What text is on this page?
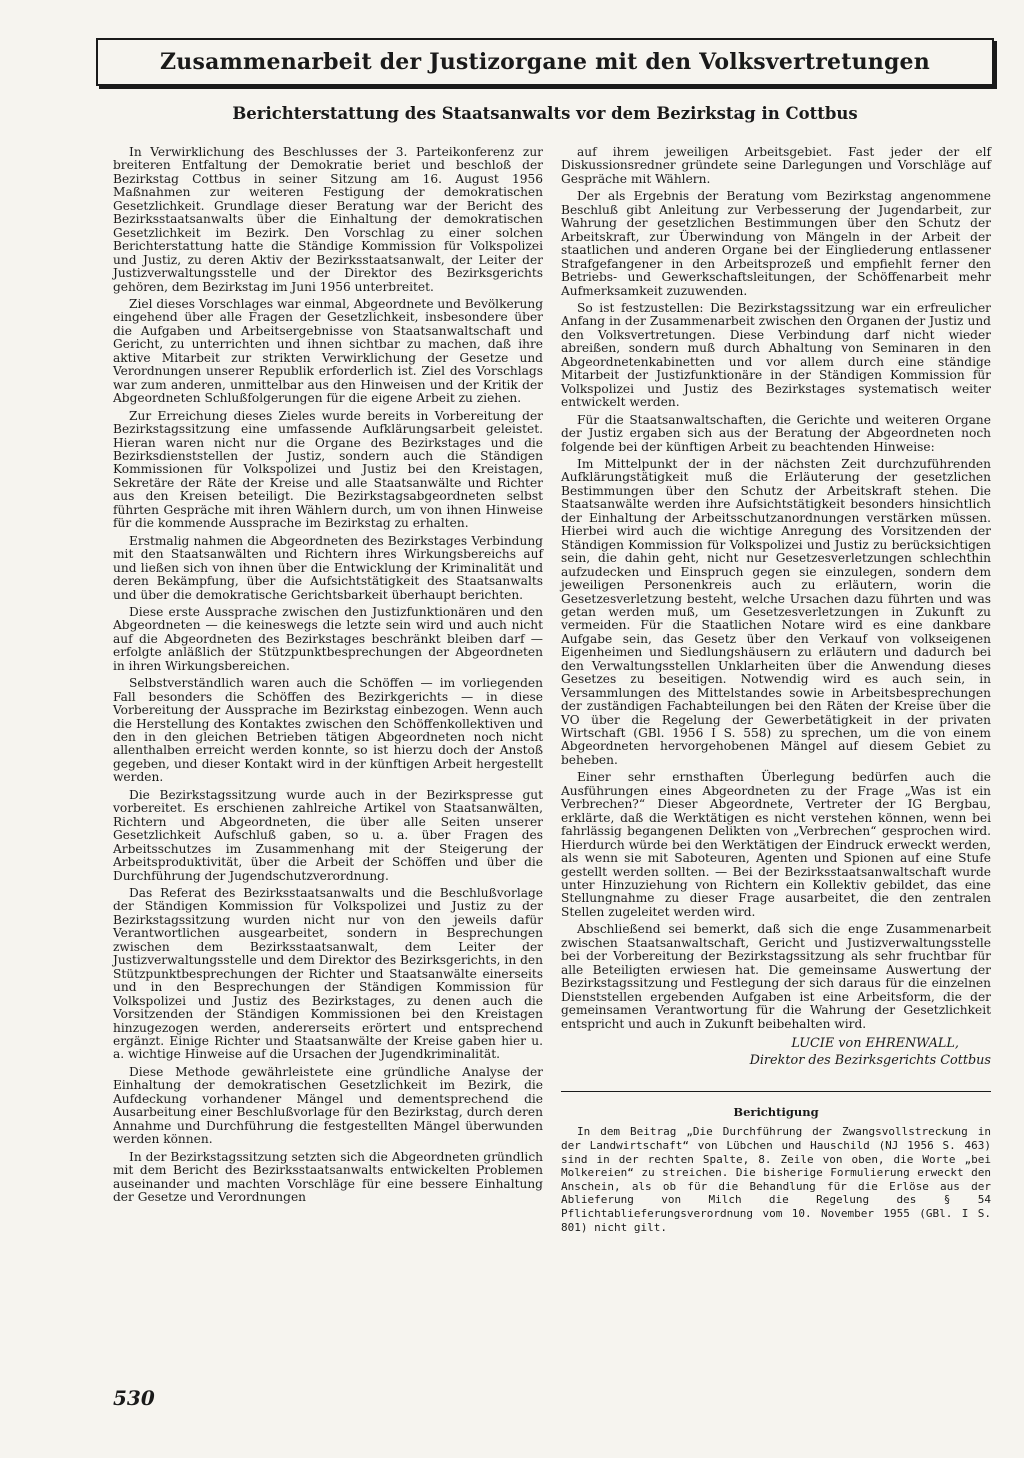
Zusammenarbeit der Justizorgane mit den Volksvertretungen
Berichterstattung des Staatsanwalts vor dem Bezirkstag in Cottbus

In Verwirklichung des Beschlusses der 3. Parteikonferenz zur breiteren Entfaltung der Demokratie beriet und beschloß der Bezirkstag Cottbus in seiner Sitzung am 16. August 1956 Maßnahmen zur weiteren Festigung der demokratischen Gesetzlichkeit. Grundlage dieser Beratung war der Bericht des Bezirksstaatsanwalts über die Einhaltung der demokratischen Gesetzlichkeit im Bezirk. Den Vorschlag zu einer solchen Berichterstattung hatte die Ständige Kommission für Volkspolizei und Justiz, zu deren Aktiv der Bezirksstaatsanwalt, der Leiter der Justizverwaltungsstelle und der Direktor des Bezirksgerichts gehören, dem Bezirkstag im Juni 1956 unterbreitet.

Ziel dieses Vorschlages war einmal, Abgeordnete und Bevölkerung eingehend über alle Fragen der Gesetzlichkeit, insbesondere über die Aufgaben und Arbeitsergebnisse von Staatsanwaltschaft und Gericht, zu unterrichten und ihnen sichtbar zu machen, daß ihre aktive Mitarbeit zur strikten Verwirklichung der Gesetze und Verordnungen unserer Republik erforderlich ist. Ziel des Vorschlags war zum anderen, unmittelbar aus den Hinweisen und der Kritik der Abgeordneten Schlußfolgerungen für die eigene Arbeit zu ziehen.

Zur Erreichung dieses Zieles wurde bereits in Vorbereitung der Bezirkstagssitzung eine umfassende Aufklärungsarbeit geleistet. Hieran waren nicht nur die Organe des Bezirkstages und die Bezirksdienststellen der Justiz, sondern auch die Ständigen Kommissionen für Volkspolizei und Justiz bei den Kreistagen, Sekretäre der Räte der Kreise und alle Staatsanwälte und Richter aus den Kreisen beteiligt. Die Bezirkstagsabgeordneten selbst führten Gespräche mit ihren Wählern durch, um von ihnen Hinweise für die kommende Aussprache im Bezirkstag zu erhalten.

Erstmalig nahmen die Abgeordneten des Bezirkstages Verbindung mit den Staatsanwälten und Richtern ihres Wirkungsbereichs auf und ließen sich von ihnen über die Entwicklung der Kriminalität und deren Bekämpfung, über die Aufsichtstätigkeit des Staatsanwalts und über die demokratische Gerichtsbarkeit überhaupt berichten.

Diese erste Aussprache zwischen den Justizfunktionären und den Abgeordneten — die keineswegs die letzte sein wird und auch nicht auf die Abgeordneten des Bezirkstages beschränkt bleiben darf — erfolgte anläßlich der Stützpunktbesprechungen der Abgeordneten in ihren Wirkungsbereichen.

Selbstverständlich waren auch die Schöffen — im vorliegenden Fall besonders die Schöffen des Bezirkgerichts — in diese Vorbereitung der Aussprache im Bezirkstag einbezogen. Wenn auch die Herstellung des Kontaktes zwischen den Schöffenkollektiven und den in den gleichen Betrieben tätigen Abgeordneten noch nicht allenthalben erreicht werden konnte, so ist hierzu doch der Anstoß gegeben, und dieser Kontakt wird in der künftigen Arbeit hergestellt werden.

Die Bezirkstagssitzung wurde auch in der Bezirkspresse gut vorbereitet. Es erschienen zahlreiche Artikel von Staatsanwälten, Richtern und Abgeordneten, die über alle Seiten unserer Gesetzlichkeit Aufschluß gaben, so u. a. über Fragen des Arbeitsschutzes im Zusammenhang mit der Steigerung der Arbeitsproduktivität, über die Arbeit der Schöffen und über die Durchführung der Jugendschutzverordnung.

Das Referat des Bezirksstaatsanwalts und die Beschlußvorlage der Ständigen Kommission für Volkspolizei und Justiz zu der Bezirkstagssitzung wurden nicht nur von den jeweils dafür Verantwortlichen ausgearbeitet, sondern in Besprechungen zwischen dem Bezirksstaatsanwalt, dem Leiter der Justizverwaltungsstelle und dem Direktor des Bezirksgerichts, in den Stützpunktbesprechungen der Richter und Staatsanwälte einerseits und in den Besprechungen der Ständigen Kommission für Volkspolizei und Justiz des Bezirkstages, zu denen auch die Vorsitzenden der Ständigen Kommissionen bei den Kreistagen hinzugezogen werden, andererseits erörtert und entsprechend ergänzt. Einige Richter und Staatsanwälte der Kreise gaben hier u. a. wichtige Hinweise auf die Ursachen der Jugendkriminalität.

Diese Methode gewährleistete eine gründliche Analyse der Einhaltung der demokratischen Gesetzlichkeit im Bezirk, die Aufdeckung vorhandener Mängel und dementsprechend die Ausarbeitung einer Beschlußvorlage für den Bezirkstag, durch deren Annahme und Durchführung die festgestellten Mängel überwunden werden können.

In der Bezirkstagssitzung setzten sich die Abgeordneten gründlich mit dem Bericht des Bezirksstaatsanwalts entwickelten Problemen auseinander und machten Vorschläge für eine bessere Einhaltung der Gesetze und Verordnungen

auf ihrem jeweiligen Arbeitsgebiet. Fast jeder der elf Diskussionsredner gründete seine Darlegungen und Vorschläge auf Gespräche mit Wählern.

Der als Ergebnis der Beratung vom Bezirkstag angenommene Beschluß gibt Anleitung zur Verbesserung der Jugendarbeit, zur Wahrung der gesetzlichen Bestimmungen über den Schutz der Arbeitskraft, zur Überwindung von Mängeln in der Arbeit der staatlichen und anderen Organe bei der Eingliederung entlassener Strafgefangener in den Arbeitsprozeß und empfiehlt ferner den Betriebs- und Gewerkschaftsleitungen, der Schöffenarbeit mehr Aufmerksamkeit zuzuwenden.

So ist festzustellen: Die Bezirkstagssitzung war ein erfreulicher Anfang in der Zusammenarbeit zwischen den Organen der Justiz und den Volksvertretungen. Diese Verbindung darf nicht wieder abreißen, sondern muß durch Abhaltung von Seminaren in den Abgeordnetenkabinetten und vor allem durch eine ständige Mitarbeit der Justizfunktionäre in der Ständigen Kommission für Volkspolizei und Justiz des Bezirkstages systematisch weiter entwickelt werden.

Für die Staatsanwaltschaften, die Gerichte und weiteren Organe der Justiz ergaben sich aus der Beratung der Abgeordneten noch folgende bei der künftigen Arbeit zu beachtenden Hinweise:

Im Mittelpunkt der in der nächsten Zeit durchzuführenden Aufklärungstätigkeit muß die Erläuterung der gesetzlichen Bestimmungen über den Schutz der Arbeitskraft stehen. Die Staatsanwälte werden ihre Aufsichtstätigkeit besonders hinsichtlich der Einhaltung der Arbeitsschutzanordnungen verstärken müssen. Hierbei wird auch die wichtige Anregung des Vorsitzenden der Ständigen Kommission für Volkspolizei und Justiz zu berücksichtigen sein, die dahin geht, nicht nur Gesetzesverletzungen schlechthin aufzudecken und Einspruch gegen sie einzulegen, sondern dem jeweiligen Personenkreis auch zu erläutern, worin die Gesetzesverletzung besteht, welche Ursachen dazu führten und was getan werden muß, um Gesetzesverletzungen in Zukunft zu vermeiden. Für die Staatlichen Notare wird es eine dankbare Aufgabe sein, das Gesetz über den Verkauf von volkseigenen Eigenheimen und Siedlungshäusern zu erläutern und dadurch bei den Verwaltungsstellen Unklarheiten über die Anwendung dieses Gesetzes zu beseitigen. Notwendig wird es auch sein, in Versammlungen des Mittelstandes sowie in Arbeitsbesprechungen der zuständigen Fachabteilungen bei den Räten der Kreise über die VO über die Regelung der Gewerbetätigkeit in der privaten Wirtschaft (GBl. 1956 I S. 558) zu sprechen, um die von einem Abgeordneten hervorgehobenen Mängel auf diesem Gebiet zu beheben.

Einer sehr ernsthaften Überlegung bedürfen auch die Ausführungen eines Abgeordneten zu der Frage „Was ist ein Verbrechen?“ Dieser Abgeordnete, Vertreter der IG Bergbau, erklärte, daß die Werktätigen es nicht verstehen können, wenn bei fahrlässig begangenen Delikten von „Verbrechen“ gesprochen wird. Hierdurch würde bei den Werktätigen der Eindruck erweckt werden, als wenn sie mit Saboteuren, Agenten und Spionen auf eine Stufe gestellt werden sollten. — Bei der Bezirksstaatsanwaltschaft wurde unter Hinzuziehung von Richtern ein Kollektiv gebildet, das eine Stellungnahme zu dieser Frage ausarbeitet, die den zentralen Stellen zugeleitet werden wird.

Abschließend sei bemerkt, daß sich die enge Zusammenarbeit zwischen Staatsanwaltschaft, Gericht und Justizverwaltungsstelle bei der Vorbereitung der Bezirkstagssitzung als sehr fruchtbar für alle Beteiligten erwiesen hat. Die gemeinsame Auswertung der Bezirkstagssitzung und Festlegung der sich daraus für die einzelnen Dienststellen ergebenden Aufgaben ist eine Arbeitsform, die der gemeinsamen Verantwortung für die Wahrung der Gesetzlichkeit entspricht und auch in Zukunft beibehalten wird.

LUCIE von EHRENWALL,
Direktor des Bezirksgerichts Cottbus
Berichtigung

In dem Beitrag „Die Durchführung der Zwangsvollstreckung in der Landwirtschaft“ von Lübchen und Hauschild (NJ 1956 S. 463) sind in der rechten Spalte, 8. Zeile von oben, die Worte „bei Molkereien“ zu streichen. Die bisherige Formulierung erweckt den Anschein, als ob für die Behandlung für die Erlöse aus der Ablieferung von Milch die Regelung des § 54 Pflichtablieferungsverordnung vom 10. November 1955 (GBl. I S. 801) nicht gilt.

530
